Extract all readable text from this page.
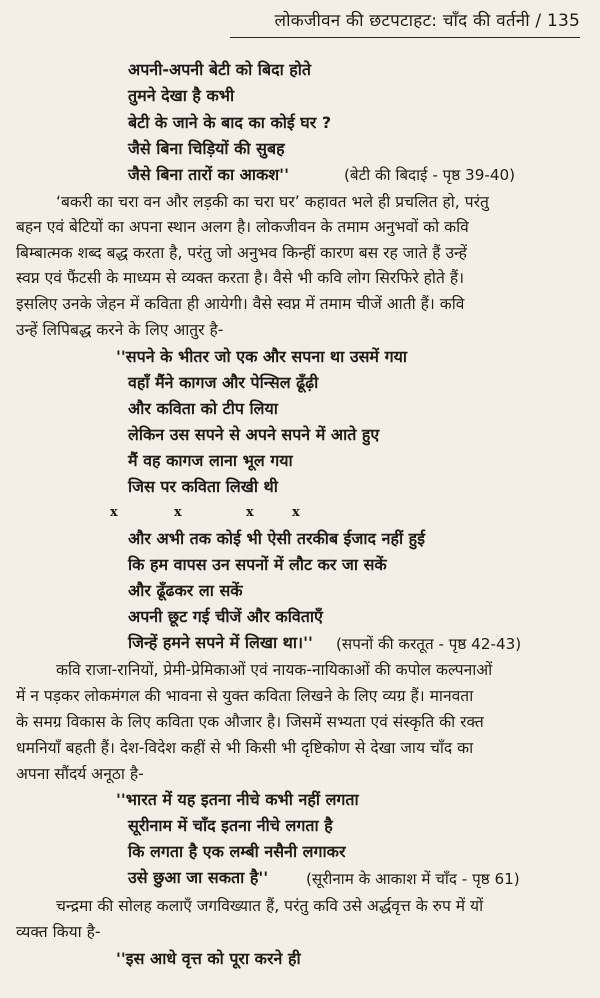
लोकजीवन की छटपटाहट: चाँद की वर्तनी / 135
अपनी-अपनी बेटी को बिदा होते
तुमने देखा है कभी
बेटी के जाने के बाद का कोई घर ?
जैसे बिना चिड़ियों की सुबह
जैसे बिना तारों का आकश''	(बेटी की बिदाई - पृष्ठ 39-40)
‘बकरी का चरा वन और लड़की का चरा घर’ कहावत भले ही प्रचलित हो, परंतु
बहन एवं बेटियों का अपना स्थान अलग है। लोकजीवन के तमाम अनुभवों को कवि
बिम्बात्मक शब्द बद्ध करता है, परंतु जो अनुभव किन्हीं कारण बस रह जाते हैं उन्हें
स्वप्न एवं फैंटसी के माध्यम से व्यक्त करता है। वैसे भी कवि लोग सिरफिरे होते हैं।
इसलिए उनके जेहन में कविता ही आयेगी। वैसे स्वप्न में तमाम चीजें आती हैं। कवि
उन्हें लिपिबद्ध करने के लिए आतुर है-
''सपने के भीतर जो एक और सपना था उसमें गया
वहाँ मैंने कागज और पेन्सिल ढूँढ़ी
और कविता को टीप लिया
लेकिन उस सपने से अपने सपने में आते हुए
मैं वह कागज लाना भूल गया
जिस पर कविता लिखी थी
x	x	x	x
और अभी तक कोई भी ऐसी तरकीब ईजाद नहीं हुई
कि हम वापस उन सपनों में लौट कर जा सकें
और ढूँढकर ला सकें
अपनी छूट गई चीजें और कविताएँ
जिन्हें हमने सपने में लिखा था।'' (सपनों की करतूत - पृष्ठ 42-43)
कवि राजा-रानियों, प्रेमी-प्रेमिकाओं एवं नायक-नायिकाओं की कपोल कल्पनाओं
में न पड़कर लोकमंगल की भावना से युक्त कविता लिखने के लिए व्यग्र हैं। मानवता
के समग्र विकास के लिए कविता एक औजार है। जिसमें सभ्यता एवं संस्कृति की रक्त
धमनियाँ बहती हैं। देश-विदेश कहीं से भी किसी भी दृष्टिकोण से देखा जाय चाँद का
अपना सौंदर्य अनूठा है-
''भारत में यह इतना नीचे कभी नहीं लगता
सूरीनाम में चाँद इतना नीचे लगता है
कि लगता है एक लम्बी नसैनी लगाकर
उसे छुआ जा सकता है'' (सूरीनाम के आकाश में चाँद - पृष्ठ 61)
चन्द्रमा की सोलह कलाएँ जगविख्यात हैं, परंतु कवि उसे अर्द्धवृत्त के रुप में यों
व्यक्त किया है-
''इस आधे वृत्त को पूरा करने ही
